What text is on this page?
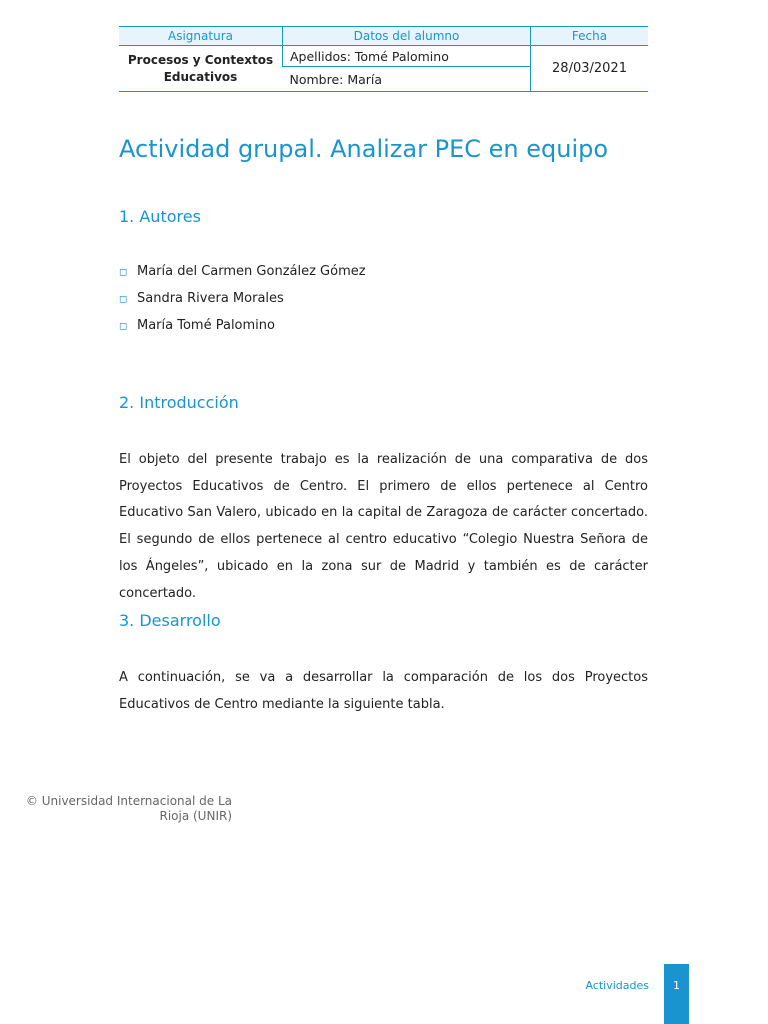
Asignatura	Datos del alumno	Fecha
Procesos y Contextos Educativos	Apellidos: Tomé Palomino	28/03/2021
	Nombre: María	
Actividad grupal. Analizar PEC en equipo
1. Autores
◻ María del Carmen González Gómez
◻ Sandra Rivera Morales
◻ María Tomé Palomino
2. Introducción

El objeto del presente trabajo es la realización de una comparativa de dos Proyectos Educativos de Centro. El primero de ellos pertenece al Centro Educativo San Valero, ubicado en la capital de Zaragoza de carácter concertado. El segundo de ellos pertenece al centro educativo “Colegio Nuestra Señora de los Ángeles”, ubicado en la zona sur de Madrid y también es de carácter concertado.

3. Desarrollo

A continuación, se va a desarrollar la comparación de los dos Proyectos Educativos de Centro mediante la siguiente tabla.

© Universidad Internacional de La Rioja (UNIR)
Actividades	1
